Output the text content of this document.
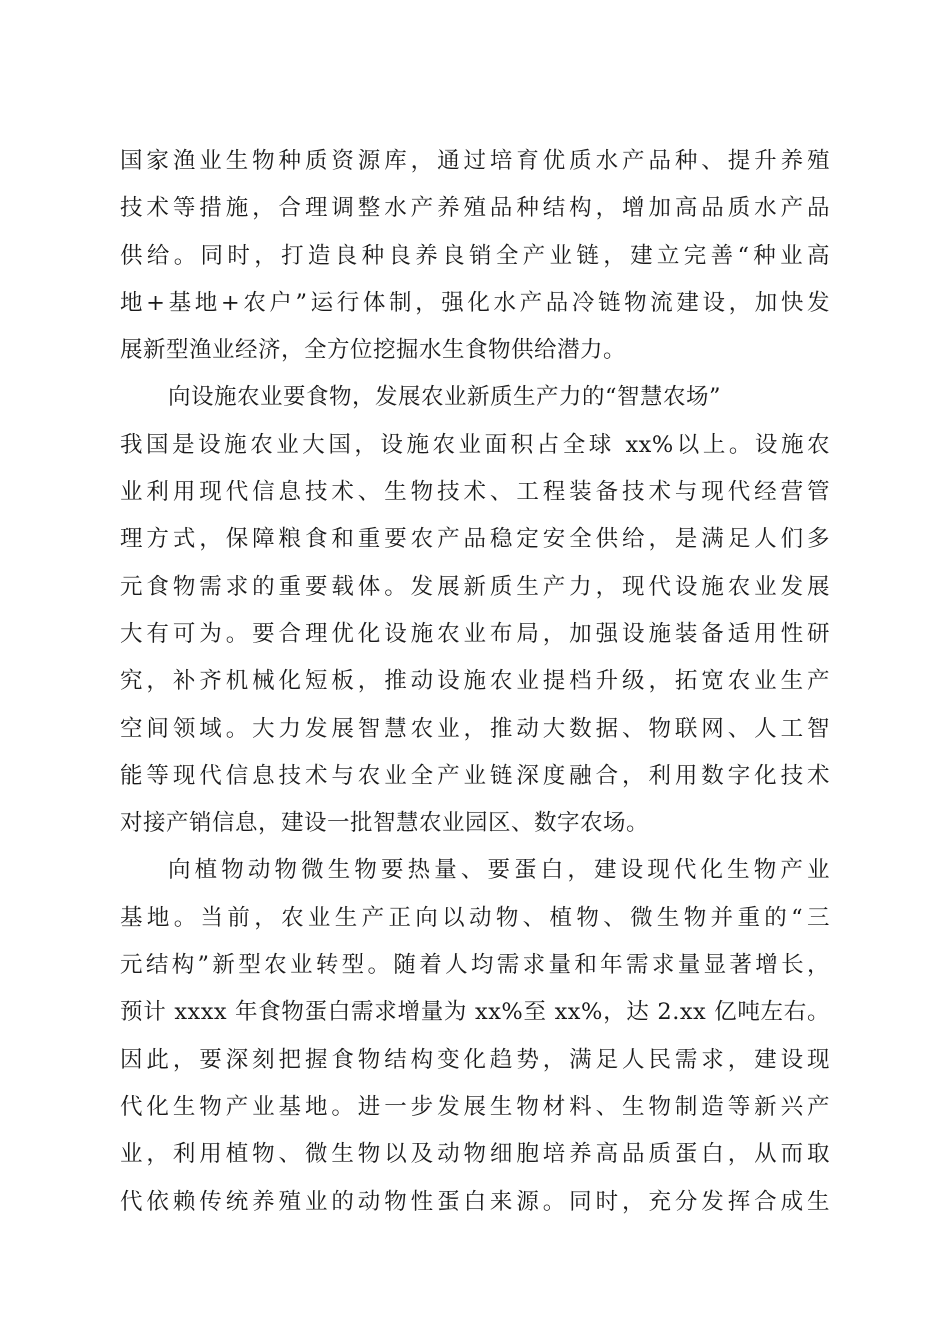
国家渔业生物种质资源库，通过培育优质水产品种、提升养殖
技术等措施，合理调整水产养殖品种结构，增加高品质水产品
供给。同时，打造良种良养良销全产业链，建立完善“种业高
地+基地+农户”运行体制，强化水产品冷链物流建设，加快发
展新型渔业经济，全方位挖掘水生食物供给潜力。
向设施农业要食物，发展农业新质生产力的“智慧农场”
我国是设施农业大国，设施农业面积占全球 xx%以上。设施农
业利用现代信息技术、生物技术、工程装备技术与现代经营管
理方式，保障粮食和重要农产品稳定安全供给，是满足人们多
元食物需求的重要载体。发展新质生产力，现代设施农业发展
大有可为。要合理优化设施农业布局，加强设施装备适用性研
究，补齐机械化短板，推动设施农业提档升级，拓宽农业生产
空间领域。大力发展智慧农业，推动大数据、物联网、人工智
能等现代信息技术与农业全产业链深度融合，利用数字化技术
对接产销信息，建设一批智慧农业园区、数字农场。
向植物动物微生物要热量、要蛋白，建设现代化生物产业
基地。当前，农业生产正向以动物、植物、微生物并重的“三
元结构”新型农业转型。随着人均需求量和年需求量显著增长，
预计 xxxx 年食物蛋白需求增量为 xx%至 xx%，达 2.xx 亿吨左右。
因此，要深刻把握食物结构变化趋势，满足人民需求，建设现
代化生物产业基地。进一步发展生物材料、生物制造等新兴产
业，利用植物、微生物以及动物细胞培养高品质蛋白，从而取
代依赖传统养殖业的动物性蛋白来源。同时，充分发挥合成生
